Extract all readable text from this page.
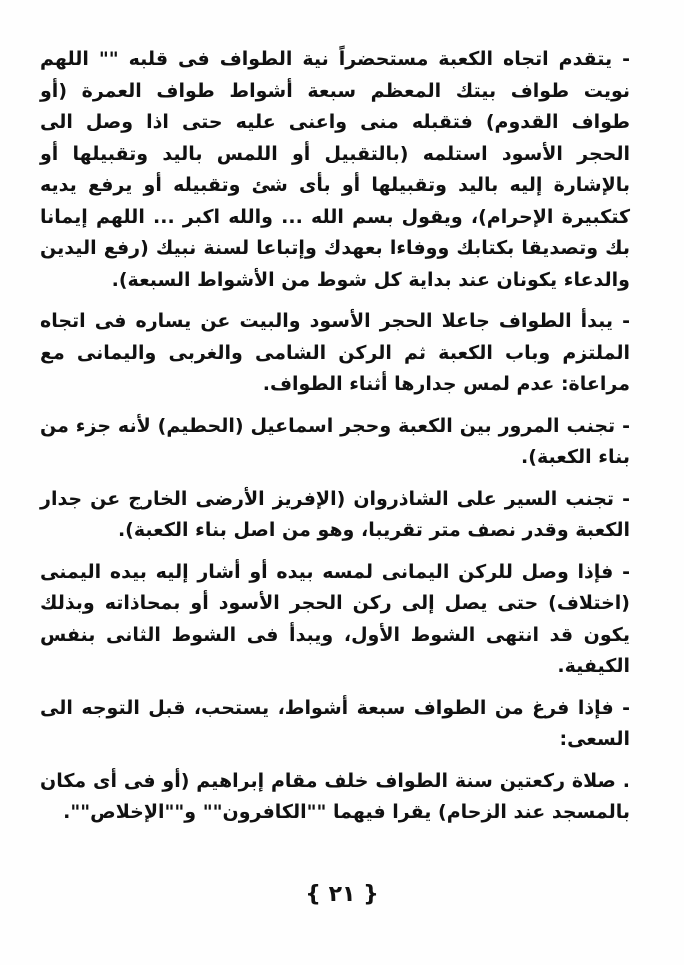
- يتقدم اتجاه الكعبة مستحضراً نية الطواف فى قلبه "" اللهم نويت طواف بيتك المعظم سبعة أشواط طواف العمرة (أو طواف القدوم) فتقبله منى واعنى عليه حتى اذا وصل الى الحجر الأسود استلمه (بالتقبيل أو اللمس باليد وتقبيلها أو بالإشارة إليه باليد وتقبيلها أو بأى شئ وتقبيله أو يرفع يديه كتكبيرة الإحرام)، ويقول بسم الله ... والله اكبر ... اللهم إيمانا بك وتصديقا بكتابك ووفاءا بعهدك وإتباعا لسنة نبيك (رفع اليدين والدعاء يكونان عند بداية كل شوط من الأشواط السبعة).

- يبدأ الطواف جاعلا الحجر الأسود والبيت عن يساره فى اتجاه الملتزم وباب الكعبة ثم الركن الشامى والغربى واليمانى مع مراعاة: عدم لمس جدارها أثناء الطواف.

- تجنب المرور بين الكعبة وحجر اسماعيل (الحطيم) لأنه جزء من بناء الكعبة).

- تجنب السير على الشاذروان (الإفريز الأرضى الخارج عن جدار الكعبة وقدر نصف متر تقريبا، وهو من اصل بناء الكعبة).

- فإذا وصل للركن اليمانى لمسه بيده أو أشار إليه بيده اليمنى (اختلاف) حتى يصل إلى ركن الحجر الأسود أو بمحاذاته وبذلك يكون قد انتهى الشوط الأول، ويبدأ فى الشوط الثانى بنفس الكيفية.

- فإذا فرغ من الطواف سبعة أشواط، يستحب، قبل التوجه الى السعى:

. صلاة ركعتين سنة الطواف خلف مقام إبراهيم (أو فى أى مكان بالمسجد عند الزحام) يقرا فيهما ""الكافرون"" و""الإخلاص"".

{ ٢١ }
